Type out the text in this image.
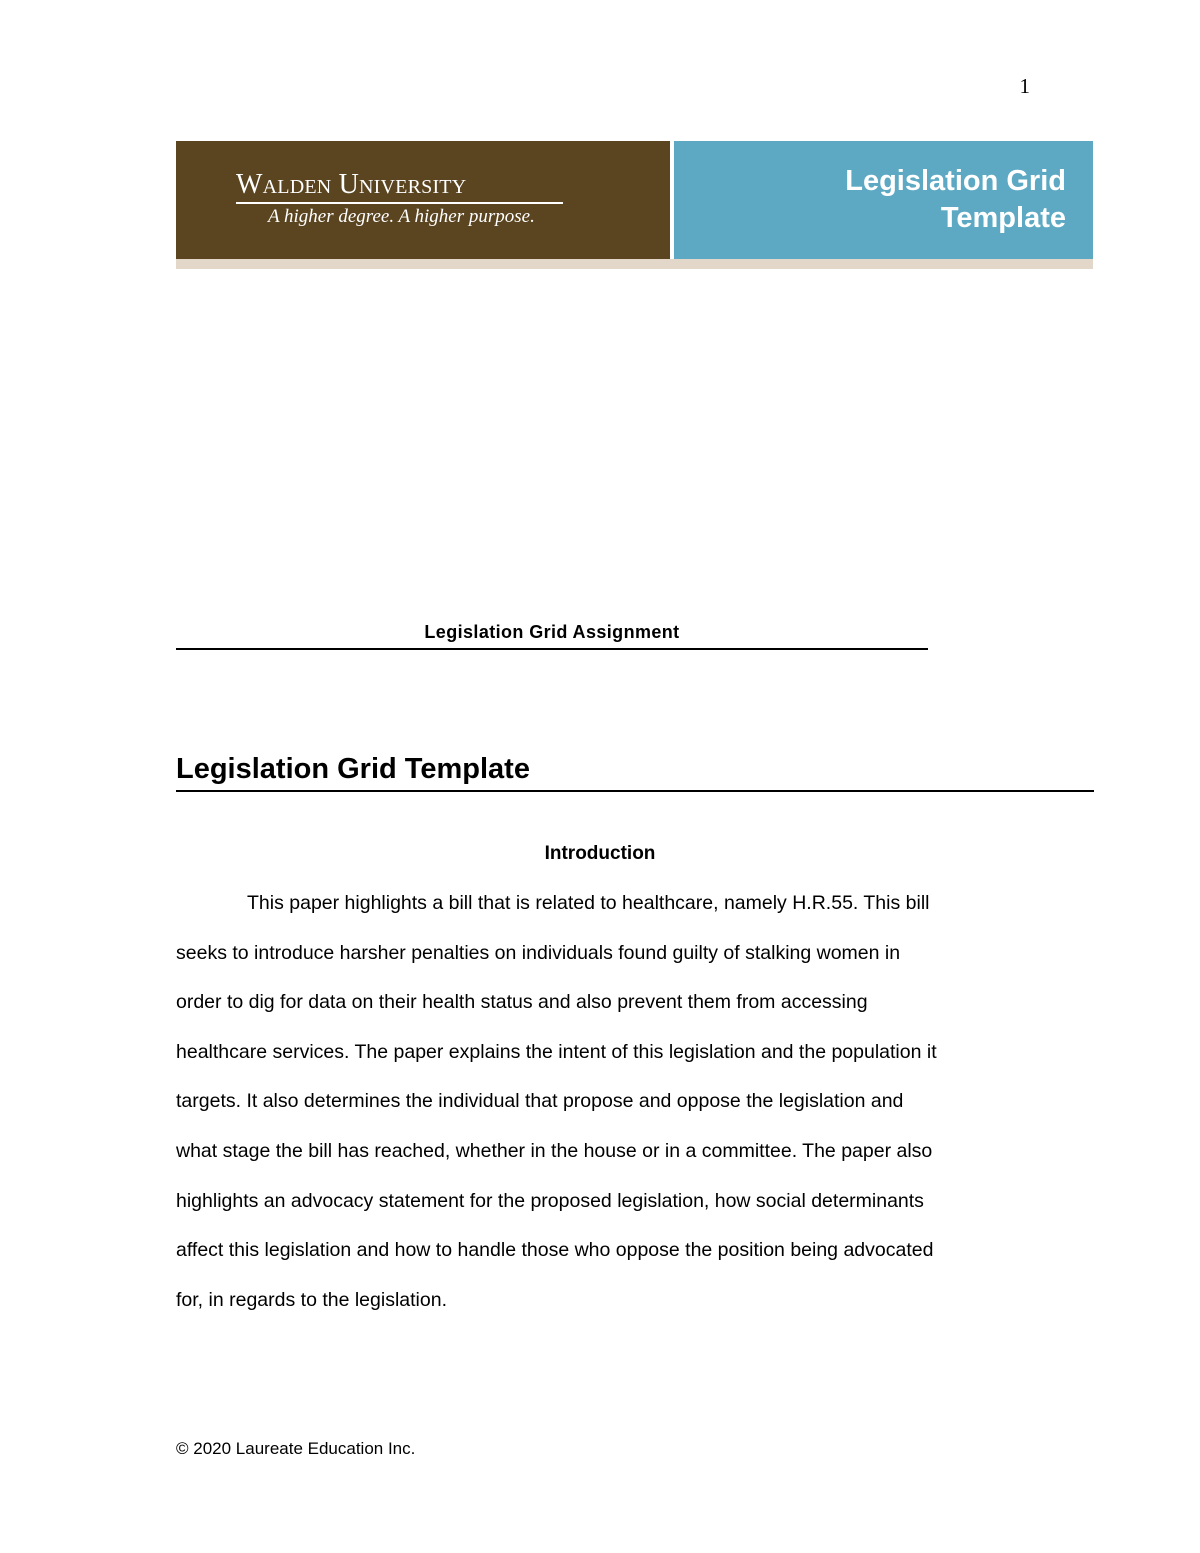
1
Walden University
A higher degree. A higher purpose.
Legislation Grid
Template
Legislation Grid Assignment
Legislation Grid Template
Introduction
This paper highlights a bill that is related to healthcare, namely H.R.55. This bill
seeks to introduce harsher penalties on individuals found guilty of stalking women in
order to dig for data on their health status and also prevent them from accessing
healthcare services. The paper explains the intent of this legislation and the population it
targets. It also determines the individual that propose and oppose the legislation and
what stage the bill has reached, whether in the house or in a committee. The paper also
highlights an advocacy statement for the proposed legislation, how social determinants
affect this legislation and how to handle those who oppose the position being advocated
for, in regards to the legislation.
© 2020 Laureate Education Inc.
